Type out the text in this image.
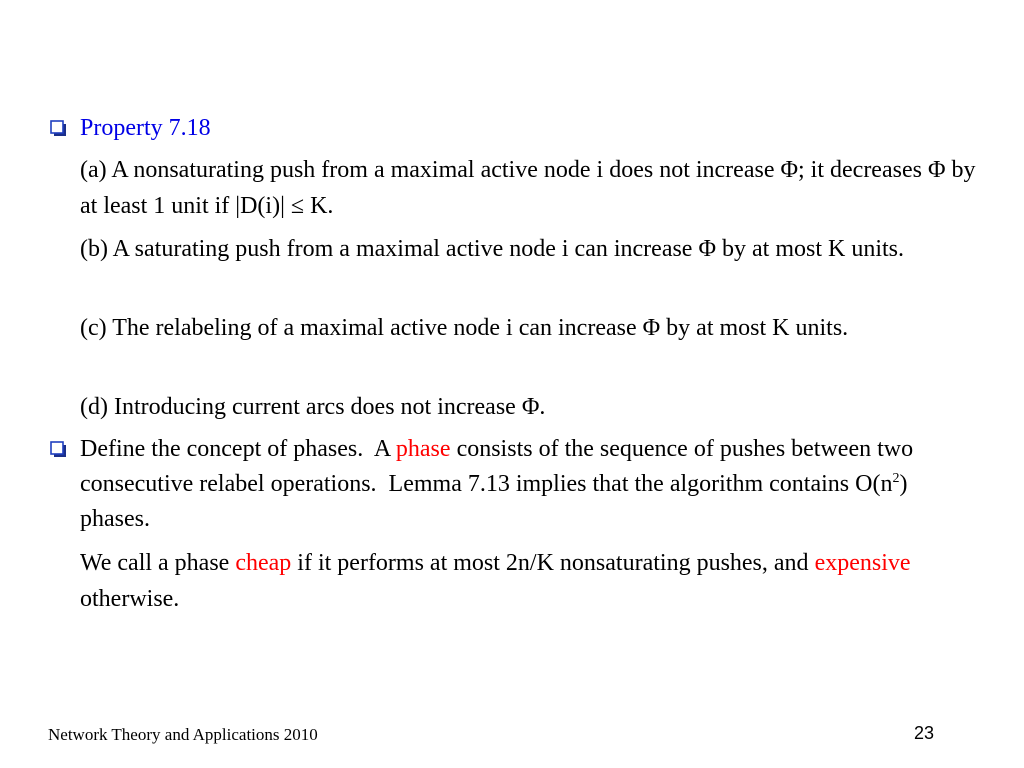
Property 7.18
(a) A nonsaturating push from a maximal active node i does not increase Φ; it decreases Φ by at least 1 unit if |D(i)| ≤ K.
(b) A saturating push from a maximal active node i can increase Φ by at most K units.
(c) The relabeling of a maximal active node i can increase Φ by at most K units.
(d) Introducing current arcs does not increase Φ.
Define the concept of phases.  A phase consists of the sequence of pushes between two consecutive relabel operations.  Lemma 7.13 implies that the algorithm contains $O(n^2)$ phases.
We call a phase cheap if it performs at most 2n/K nonsaturating pushes, and expensive otherwise.
Network Theory and Applications 2010	23
